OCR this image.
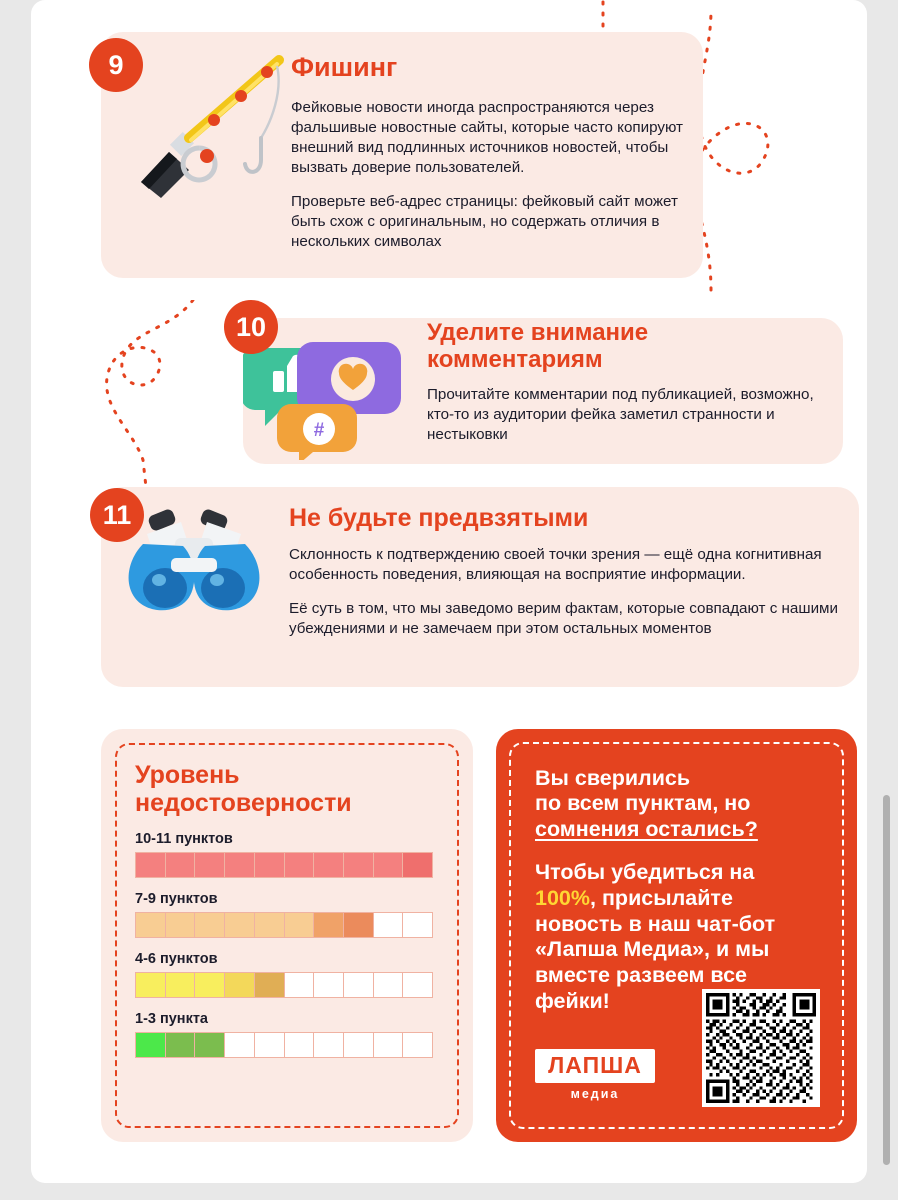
9	Фишинг

Фейковые новости иногда распространяются через фальшивые новостные сайты, которые часто копируют внешний вид подлинных источников новостей, чтобы вызвать доверие пользователей.

Проверьте веб-адрес страницы: фейковый сайт может быть схож с оригинальным, но содержать отличия в нескольких символах

10
#
Уделите внимание комментариям

Прочитайте комментарии под публикацией, возможно, кто-то из аудитории фейка заметил странности и нестыковки

11	Не будьте предвзятыми

Склонность к подтверждению своей точки зрения — ещё одна когнитивная особенность поведения, влияющая на восприятие информации.

Её суть в том, что мы заведомо верим фактам, которые совпадают с нашими убеждениями и не замечаем при этом остальных моментов

Уровень недостоверности
10-11 пунктов
7-9 пунктов
4-6 пунктов
1-3 пункта
Вы сверились
по всем пунктам, но
сомнения остались?
Чтобы убедиться на 100%, присылайте новость в наш чат-бот «Лапша Медиа», и мы вместе развеем все фейки!
ЛАПША
медиа
